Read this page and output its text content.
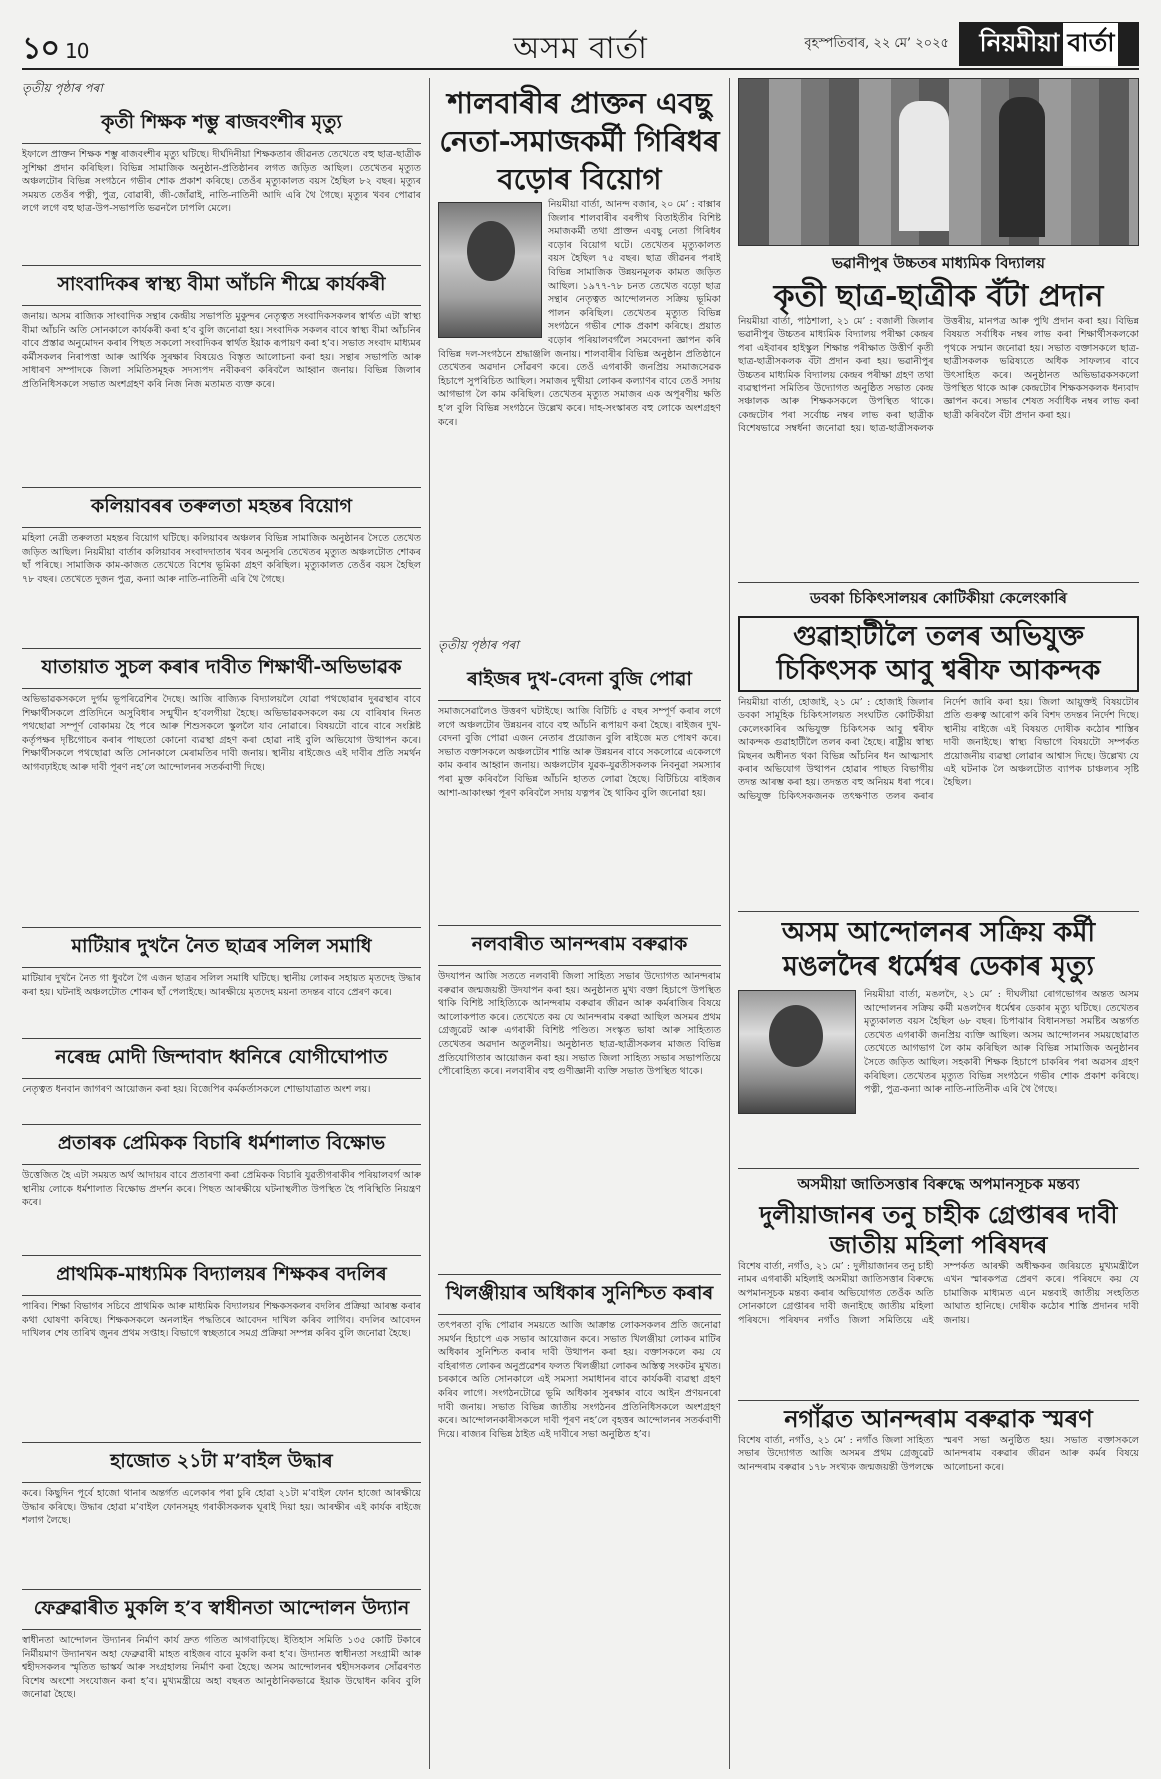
১০ 10	অসম বাৰ্তা	বৃহস্পতিবাৰ, ২২ মে’ ২০২৫ নিয়মীয়া বাৰ্তা
তৃতীয় পৃষ্ঠাৰ পৰা
কৃতী শিক্ষক শম্ভু ৰাজবংশীৰ মৃত্যু
ইফালে প্ৰাক্তন শিক্ষক শম্ভু ৰাজবংশীৰ মৃত্যু ঘটিছে। দীৰ্ঘদিনীয়া শিক্ষকতাৰ জীৱনত তেখেতে বহু ছাত্ৰ-ছাত্ৰীক সুশিক্ষা প্ৰদান কৰিছিল। বিভিন্ন সামাজিক অনুষ্ঠান-প্ৰতিষ্ঠানৰ লগত জড়িত আছিল। তেখেতৰ মৃত্যুত অঞ্চলটোৰ বিভিন্ন সংগঠনে গভীৰ শোক প্ৰকাশ কৰিছে। তেওঁৰ মৃত্যুকালত বয়স হৈছিল ৮২ বছৰ। মৃত্যুৰ সময়ত তেওঁৰ পত্নী, পুত্ৰ, বোৱাৰী, জী-জোঁৱাই, নাতি-নাতিনী আদি এৰি থৈ গৈছে। মৃত্যুৰ খবৰ পোৱাৰ লগে লগে বহু ছাত্ৰ-উপ-সভাপতি ভৱনলৈ ঢাপলি মেলে।
সাংবাদিকৰ স্বাস্থ্য বীমা আঁচনি শীঘ্ৰে কাৰ্যকৰী
জনায়। অসম ৰাজ্যিক সাংবাদিক সন্থাৰ কেন্দ্ৰীয় সভাপতি মুকুন্দৰ নেতৃত্বত সংবাদিকসকলৰ স্বাৰ্থত এটা স্বাস্থ্য বীমা আঁচনি অতি সোনকালে কাৰ্যকৰী কৰা হ’ব বুলি জনোৱা হয়। সংবাদিক সকলৰ বাবে স্বাস্থ্য বীমা আঁচনিৰ বাবে প্ৰস্তাৱ অনুমোদন কৰাৰ পিছত সকলো সংবাদিকৰ স্বাৰ্থত ইয়াক ৰূপায়ণ কৰা হ’ব। সভাত সংবাদ মাধ্যমৰ কৰ্মীসকলৰ নিৰাপত্তা আৰু আৰ্থিক সুৰক্ষাৰ বিষয়েও বিস্তৃত আলোচনা কৰা হয়। সন্থাৰ সভাপতি আৰু সাধাৰণ সম্পাদকে জিলা সমিতিসমূহক সদস্যপদ নবীকৰণ কৰিবলৈ আহ্বান জনায়। বিভিন্ন জিলাৰ প্ৰতিনিধিসকলে সভাত অংশগ্ৰহণ কৰি নিজ নিজ মতামত ব্যক্ত কৰে।
কলিয়াবৰৰ তৰুলতা মহন্তৰ বিয়োগ
মহিলা নেত্ৰী তৰুলতা মহন্তৰ বিয়োগ ঘটিছে। কলিয়াবৰ অঞ্চলৰ বিভিন্ন সামাজিক অনুষ্ঠানৰ সৈতে তেখেত জড়িত আছিল। নিয়মীয়া বাৰ্তাৰ কলিয়াবৰ সংবাদদাতাৰ খবৰ অনুসৰি তেখেতৰ মৃত্যুত অঞ্চলটোত শোকৰ ছাঁ পৰিছে। সামাজিক কাম-কাজত তেখেতে বিশেষ ভূমিকা গ্ৰহণ কৰিছিল। মৃত্যুকালত তেওঁৰ বয়স হৈছিল ৭৮ বছৰ। তেখেতে দুজন পুত্ৰ, কন্যা আৰু নাতি-নাতিনী এৰি থৈ গৈছে।
যাতায়াত সুচল কৰাৰ দাবীত শিক্ষাৰ্থী-অভিভাৱক
অভিভাৱকসকলে দুৰ্গম ভূপৰিৱেশিৰ দৈছে। আজি ৰাজ্যিক বিদ্যালয়লৈ যোৱা পথছোৱাৰ দুৰৱস্থাৰ বাবে শিক্ষাৰ্থীসকলে প্ৰতিদিনে অসুবিধাৰ সন্মুখীন হ’বলগীয়া হৈছে। অভিভাৱকসকলে কয় যে বাৰিষাৰ দিনত পথছোৱা সম্পূৰ্ণ বোকাময় হৈ পৰে আৰু শিশুসকলে স্কুললৈ যাব নোৱাৰে। বিষয়টো বাৰে বাৰে সংশ্লিষ্ট কৰ্তৃপক্ষৰ দৃষ্টিগোচৰ কৰাৰ পাছতো কোনো ব্যৱস্থা গ্ৰহণ কৰা হোৱা নাই বুলি অভিযোগ উত্থাপন কৰে। শিক্ষাৰ্থীসকলে পথছোৱা অতি সোনকালে মেৰামতিৰ দাবী জনায়। স্থানীয় ৰাইজেও এই দাবীৰ প্ৰতি সমৰ্থন আগবঢ়াইছে আৰু দাবী পূৰণ নহ’লে আন্দোলনৰ সতৰ্কবাণী দিছে।
মাটিয়াৰ দুখনৈ নৈত ছাত্ৰৰ সলিল সমাধি
মাটিয়াৰ দুখনৈ নৈত গা ধুবলৈ গৈ এজন ছাত্ৰৰ সলিল সমাধি ঘটিছে। স্থানীয় লোকৰ সহায়ত মৃতদেহ উদ্ধাৰ কৰা হয়। ঘটনাই অঞ্চলটোত শোকৰ ছাঁ পেলাইছে। আৰক্ষীয়ে মৃতদেহ ময়না তদন্তৰ বাবে প্ৰেৰণ কৰে।
নৰেন্দ্ৰ মোদী জিন্দাবাদ ধ্বনিৰে যোগীঘোপাত
নেতৃত্বত ধনবান জাগৰণ আয়োজন কৰা হয়। বিজেপিৰ কৰ্মকৰ্তাসকলে শোভাযাত্ৰাত অংশ লয়।
প্ৰতাৰক প্ৰেমিকক বিচাৰি ধৰ্মশালাত বিক্ষোভ
উত্তেজিত হৈ এটা সময়ত অৰ্থ আদায়ৰ বাবে প্ৰতাৰণা কৰা প্ৰেমিকক বিচাৰি যুৱতীগৰাকীৰ পৰিয়ালবৰ্গ আৰু স্থানীয় লোকে ধৰ্মশালাত বিক্ষোভ প্ৰদৰ্শন কৰে। পিছত আৰক্ষীয়ে ঘটনাস্থলীত উপস্থিত হৈ পৰিস্থিতি নিয়ন্ত্ৰণ কৰে।
প্ৰাথমিক-মাধ্যমিক বিদ্যালয়ৰ শিক্ষকৰ বদলিৰ
পাৰিব। শিক্ষা বিভাগৰ সচিবে প্ৰাথমিক আৰু মাধ্যমিক বিদ্যালয়ৰ শিক্ষকসকলৰ বদলিৰ প্ৰক্ৰিয়া আৰম্ভ কৰাৰ কথা ঘোষণা কৰিছে। শিক্ষকসকলে অনলাইন পদ্ধতিৰে আবেদন দাখিল কৰিব লাগিব। বদলিৰ আবেদন দাখিলৰ শেষ তাৰিখ জুনৰ প্ৰথম সপ্তাহ। বিভাগে স্বচ্ছতাৰে সমগ্ৰ প্ৰক্ৰিয়া সম্পন্ন কৰিব বুলি জনোৱা হৈছে।
হাজোত ২১টা ম’বাইল উদ্ধাৰ
কৰে। কিছুদিন পূৰ্বে হাজো থানাৰ অন্তৰ্গত এলেকাৰ পৰা চুৰি হোৱা ২১টা ম’বাইল ফোন হাজো আৰক্ষীয়ে উদ্ধাৰ কৰিছে। উদ্ধাৰ হোৱা ম’বাইল ফোনসমূহ গৰাকীসকলক ঘূৰাই দিয়া হয়। আৰক্ষীৰ এই কাৰ্যক ৰাইজে শলাগ লৈছে।
ফেব্ৰুৱাৰীত মুকলি হ’ব স্বাধীনতা আন্দোলন উদ্যান
স্বাধীনতা আন্দোলন উদ্যানৰ নিৰ্মাণ কাৰ্য দ্ৰুত গতিত আগবাঢ়িছে। ইতিহাস সমিতি ১৩৫ কোটি টকাৰে নিৰ্মীয়মাণ উদ্যানখন অহা ফেব্ৰুৱাৰী মাহত ৰাইজৰ বাবে মুকলি কৰা হ’ব। উদ্যানত স্বাধীনতা সংগ্ৰামী আৰু শ্বহীদসকলৰ স্মৃতিত ভাস্কৰ্য আৰু সংগ্ৰহালয় নিৰ্মাণ কৰা হৈছে। অসম আন্দোলনৰ শ্বহীদসকলৰ সোঁৱৰণত বিশেষ অংশো সংযোজন কৰা হ’ব। মুখ্যমন্ত্ৰীয়ে অহা বছৰত আনুষ্ঠানিকভাৱে ইয়াক উদ্বোধন কৰিব বুলি জনোৱা হৈছে।
শালবাৰীৰ প্ৰাক্তন এবছু নেতা-সমাজকৰ্মী গিৰিধৰ বড়োৰ বিয়োগ
নিয়মীয়া বাৰ্তা, আনন্দ বজাৰ, ২০ মে’ : বাক্সাৰ জিলাৰ শালবাৰীৰ বৰপীথ বিতাইতীৰ বিশিষ্ট সমাজকৰ্মী তথা প্ৰাক্তন এবছু নেতা গিৰিধৰ বড়োৰ বিয়োগ ঘটে। তেখেতৰ মৃত্যুকালত বয়স হৈছিল ৭৫ বছৰ। ছাত্ৰ জীৱনৰ পৰাই বিভিন্ন সামাজিক উন্নয়নমূলক কামত জড়িত আছিল। ১৯৭৭-৭৮ চনত তেখেত বড়ো ছাত্ৰ সন্থাৰ নেতৃত্বত আন্দোলনত সক্ৰিয় ভূমিকা পালন কৰিছিল। তেখেতৰ মৃত্যুত বিভিন্ন সংগঠনে গভীৰ শোক প্ৰকাশ কৰিছে। প্ৰয়াত বড়োৰ পৰিয়ালবৰ্গলৈ সমবেদনা জ্ঞাপন কৰি বিভিন্ন দল-সংগঠনে শ্ৰদ্ধাঞ্জলি জনায়। শালবাৰীৰ বিভিন্ন অনুষ্ঠান প্ৰতিষ্ঠানে তেখেতৰ অৱদান সোঁৱৰণ কৰে। তেওঁ এগৰাকী জনপ্ৰিয় সমাজসেৱক হিচাপে সুপৰিচিত আছিল। সমাজৰ দুখীয়া লোকৰ কল্যাণৰ বাবে তেওঁ সদায় আগভাগ লৈ কাম কৰিছিল। তেখেতৰ মৃত্যুত সমাজৰ এক অপূৰণীয় ক্ষতি হ’ল বুলি বিভিন্ন সংগঠনে উল্লেখ কৰে। দাহ-সংস্কাৰত বহু লোকে অংশগ্ৰহণ কৰে।
তৃতীয় পৃষ্ঠাৰ পৰা
ৰাইজৰ দুখ-বেদনা বুজি পোৱা
সমাজসেৱালৈও উত্তৰণ ঘটাইছে। আজি বিটিচি ৫ বছৰ সম্পূৰ্ণ কৰাৰ লগে লগে অঞ্চলটোৰ উন্নয়নৰ বাবে বহু আঁচনি ৰূপায়ণ কৰা হৈছে। ৰাইজৰ দুখ-বেদনা বুজি পোৱা এজন নেতাৰ প্ৰয়োজন বুলি ৰাইজে মত পোষণ কৰে। সভাত বক্তাসকলে অঞ্চলটোৰ শান্তি আৰু উন্নয়নৰ বাবে সকলোৱে একেলগে কাম কৰাৰ আহ্বান জনায়। অঞ্চলটোৰ যুৱক-যুৱতীসকলক নিবনুৱা সমস্যাৰ পৰা মুক্ত কৰিবলৈ বিভিন্ন আঁচনি হাতত লোৱা হৈছে। বিটিচিয়ে ৰাইজৰ আশা-আকাংক্ষা পূৰণ কৰিবলৈ সদায় যত্নপৰ হৈ থাকিব বুলি জনোৱা হয়।
নলবাৰীত আনন্দৰাম বৰুৱাক
উদযাপন আজি সততে নলবাৰী জিলা সাহিত্য সভাৰ উদ্যোগত আনন্দৰাম বৰুৱাৰ জন্মজয়ন্তী উদযাপন কৰা হয়। অনুষ্ঠানত মুখ্য বক্তা হিচাপে উপস্থিত থাকি বিশিষ্ট সাহিত্যিকে আনন্দৰাম বৰুৱাৰ জীৱন আৰু কৰ্মৰাজিৰ বিষয়ে আলোকপাত কৰে। তেখেতে কয় যে আনন্দৰাম বৰুৱা আছিল অসমৰ প্ৰথম গ্ৰেজুৱেট আৰু এগৰাকী বিশিষ্ট পণ্ডিত। সংস্কৃত ভাষা আৰু সাহিত্যত তেখেতৰ অৱদান অতুলনীয়। অনুষ্ঠানত ছাত্ৰ-ছাত্ৰীসকলৰ মাজত বিভিন্ন প্ৰতিযোগিতাৰ আয়োজন কৰা হয়। সভাত জিলা সাহিত্য সভাৰ সভাপতিয়ে পৌৰোহিত্য কৰে। নলবাৰীৰ বহু গুণীজ্ঞানী ব্যক্তি সভাত উপস্থিত থাকে।
খিলঞ্জীয়াৰ অধিকাৰ সুনিশ্চিত কৰাৰ
তৎপৰতা বৃদ্ধি পোৱাৰ সময়তে আজি আক্ৰান্ত লোকসকলৰ প্ৰতি জনোৱা সমৰ্থন হিচাপে এক সভাৰ আয়োজন কৰে। সভাত খিলঞ্জীয়া লোকৰ মাটিৰ অধিকাৰ সুনিশ্চিত কৰাৰ দাবী উত্থাপন কৰা হয়। বক্তাসকলে কয় যে বহিৰাগত লোকৰ অনুপ্ৰৱেশৰ ফলত খিলঞ্জীয়া লোকৰ অস্তিত্ব সংকটৰ মুখত। চৰকাৰে অতি সোনকালে এই সমস্যা সমাধানৰ বাবে কাৰ্যকৰী ব্যৱস্থা গ্ৰহণ কৰিব লাগে। সংগঠনটোৱে ভূমি অধিকাৰ সুৰক্ষাৰ বাবে আইন প্ৰণয়নৰো দাবী জনায়। সভাত বিভিন্ন জাতীয় সংগঠনৰ প্ৰতিনিধিসকলে অংশগ্ৰহণ কৰে। আন্দোলনকাৰীসকলে দাবী পূৰণ নহ’লে বৃহত্তৰ আন্দোলনৰ সতৰ্কবাণী দিয়ে। ৰাজ্যৰ বিভিন্ন ঠাইত এই দাবীৰে সভা অনুষ্ঠিত হ’ব।
ভৱানীপুৰ উচ্চতৰ মাধ্যমিক বিদ্যালয়
কৃতী ছাত্ৰ-ছাত্ৰীক বঁটা প্ৰদান
নিয়মীয়া বাৰ্তা, পাঠশালা, ২১ মে’ : বজালী জিলাৰ ভৱানীপুৰ উচ্চতৰ মাধ্যমিক বিদ্যালয় পৰীক্ষা কেন্দ্ৰৰ পৰা এইবাৰৰ হাইস্কুল শিক্ষান্ত পৰীক্ষাত উত্তীৰ্ণ কৃতী ছাত্ৰ-ছাত্ৰীসকলক বঁটা প্ৰদান কৰা হয়। ভৱানীপুৰ উচ্চতৰ মাধ্যমিক বিদ্যালয় কেন্দ্ৰৰ পৰীক্ষা গ্ৰহণ তথা ব্যৱস্থাপনা সমিতিৰ উদ্যোগত অনুষ্ঠিত সভাত কেন্দ্ৰ সঞ্চালক আৰু শিক্ষকসকলে উপস্থিত থাকে। কেন্দ্ৰটোৰ পৰা সৰ্বোচ্চ নম্বৰ লাভ কৰা ছাত্ৰীক বিশেষভাৱে সম্বৰ্ধনা জনোৱা হয়। ছাত্ৰ-ছাত্ৰীসকলক উত্তৰীয়, মানপত্ৰ আৰু পুথি প্ৰদান কৰা হয়। বিভিন্ন বিষয়ত সৰ্বাধিক নম্বৰ লাভ কৰা শিক্ষাৰ্থীসকলকো পৃথকে সন্মান জনোৱা হয়। সভাত বক্তাসকলে ছাত্ৰ-ছাত্ৰীসকলক ভৱিষ্যতে অধিক সাফল্যৰ বাবে উৎসাহিত কৰে। অনুষ্ঠানত অভিভাৱকসকলো উপস্থিত থাকে আৰু কেন্দ্ৰটোৰ শিক্ষকসকলক ধন্যবাদ জ্ঞাপন কৰে। সভাৰ শেষত সৰ্বাধিক নম্বৰ লাভ কৰা ছাত্ৰী কৰিবলৈ বঁটা প্ৰদান কৰা হয়।
ডবকা চিকিৎসালয়ৰ কোটিকীয়া কেলেংকাৰি
গুৱাহাটীলৈ তলৰ অভিযুক্ত চিকিৎসক আবু শ্বৰীফ আকন্দক
নিয়মীয়া বাৰ্তা, হোজাই, ২১ মে’ : হোজাই জিলাৰ ডবকা সামূহিক চিকিৎসালয়ত সংঘটিত কোটিকীয়া কেলেংকাৰিৰ অভিযুক্ত চিকিৎসক আবু শ্বৰীফ আকন্দক গুৱাহাটীলৈ তলৰ কৰা হৈছে। ৰাষ্ট্ৰীয় স্বাস্থ্য মিছনৰ অধীনত থকা বিভিন্ন আঁচনিৰ ধন আত্মসাৎ কৰাৰ অভিযোগ উত্থাপন হোৱাৰ পাছত বিভাগীয় তদন্ত আৰম্ভ কৰা হয়। তদন্তত বহু অনিয়ম ধৰা পৰে। অভিযুক্ত চিকিৎসকজনক তৎক্ষণাত তলৰ কৰাৰ নিৰ্দেশ জাৰি কৰা হয়। জিলা আয়ুক্তই বিষয়টোৰ প্ৰতি গুৰুত্ব আৰোপ কৰি বিশদ তদন্তৰ নিৰ্দেশ দিছে। স্থানীয় ৰাইজে এই বিষয়ত দোষীক কঠোৰ শাস্তিৰ দাবী জনাইছে। স্বাস্থ্য বিভাগে বিষয়টো সম্পৰ্কত প্ৰয়োজনীয় ব্যৱস্থা লোৱাৰ আশ্বাস দিছে। উল্লেখ্য যে এই ঘটনাক লৈ অঞ্চলটোত ব্যাপক চাঞ্চল্যৰ সৃষ্টি হৈছিল।
অসম আন্দোলনৰ সক্ৰিয় কৰ্মী মঙলদৈৰ ধৰ্মেশ্বৰ ডেকাৰ মৃত্যু
নিয়মীয়া বাৰ্তা, মঙলদৈ, ২১ মে’ : দীঘলীয়া ৰোগভোগৰ অন্তত অসম আন্দোলনৰ সক্ৰিয় কৰ্মী মঙলদৈৰ ধৰ্মেশ্বৰ ডেকাৰ মৃত্যু ঘটিছে। তেখেতৰ মৃত্যুকালত বয়স হৈছিল ৬৮ বছৰ। চিপাঝাৰ বিধানসভা সমষ্টিৰ অন্তৰ্গত তেখেত এগৰাকী জনপ্ৰিয় ব্যক্তি আছিল। অসম আন্দোলনৰ সময়ছোৱাত তেখেতে আগভাগ লৈ কাম কৰিছিল আৰু বিভিন্ন সামাজিক অনুষ্ঠানৰ সৈতে জড়িত আছিল। সহকাৰী শিক্ষক হিচাপে চাকৰিৰ পৰা অৱসৰ গ্ৰহণ কৰিছিল। তেখেতৰ মৃত্যুত বিভিন্ন সংগঠনে গভীৰ শোক প্ৰকাশ কৰিছে। পত্নী, পুত্ৰ-কন্যা আৰু নাতি-নাতিনীক এৰি থৈ গৈছে।
অসমীয়া জাতিসত্তাৰ বিৰুদ্ধে অপমানসূচক মন্তব্য
দুলীয়াজানৰ তনু চাহীক গ্ৰেপ্তাৰৰ দাবী জাতীয় মহিলা পৰিষদৰ
বিশেষ বাৰ্তা, নগাঁও, ২১ মে’ : দুলীয়াজানৰ তনু চাহী নামৰ এগৰাকী মহিলাই অসমীয়া জাতিসত্তাৰ বিৰুদ্ধে অপমানসূচক মন্তব্য কৰাৰ অভিযোগত তেওঁক অতি সোনকালে গ্ৰেপ্তাৰৰ দাবী জনাইছে জাতীয় মহিলা পৰিষদে। পৰিষদৰ নগাঁও জিলা সমিতিয়ে এই সম্পৰ্কত আৰক্ষী অধীক্ষকৰ জৰিয়তে মুখ্যমন্ত্ৰীলৈ এখন স্মাৰকপত্ৰ প্ৰেৰণ কৰে। পৰিষদে কয় যে চামাজিক মাধ্যমত এনে মন্তব্যই জাতীয় সংহতিত আঘাত হানিছে। দোষীক কঠোৰ শাস্তি প্ৰদানৰ দাবী জনায়।
নগাঁৱত আনন্দৰাম বৰুৱাক স্মৰণ
বিশেষ বাৰ্তা, নগাঁও, ২১ মে’ : নগাঁও জিলা সাহিত্য সভাৰ উদ্যোগত আজি অসমৰ প্ৰথম গ্ৰেজুৱেট আনন্দৰাম বৰুৱাৰ ১৭৮ সংখ্যক জন্মজয়ন্তী উপলক্ষে স্মৰণ সভা অনুষ্ঠিত হয়। সভাত বক্তাসকলে আনন্দৰাম বৰুৱাৰ জীৱন আৰু কৰ্মৰ বিষয়ে আলোচনা কৰে।
